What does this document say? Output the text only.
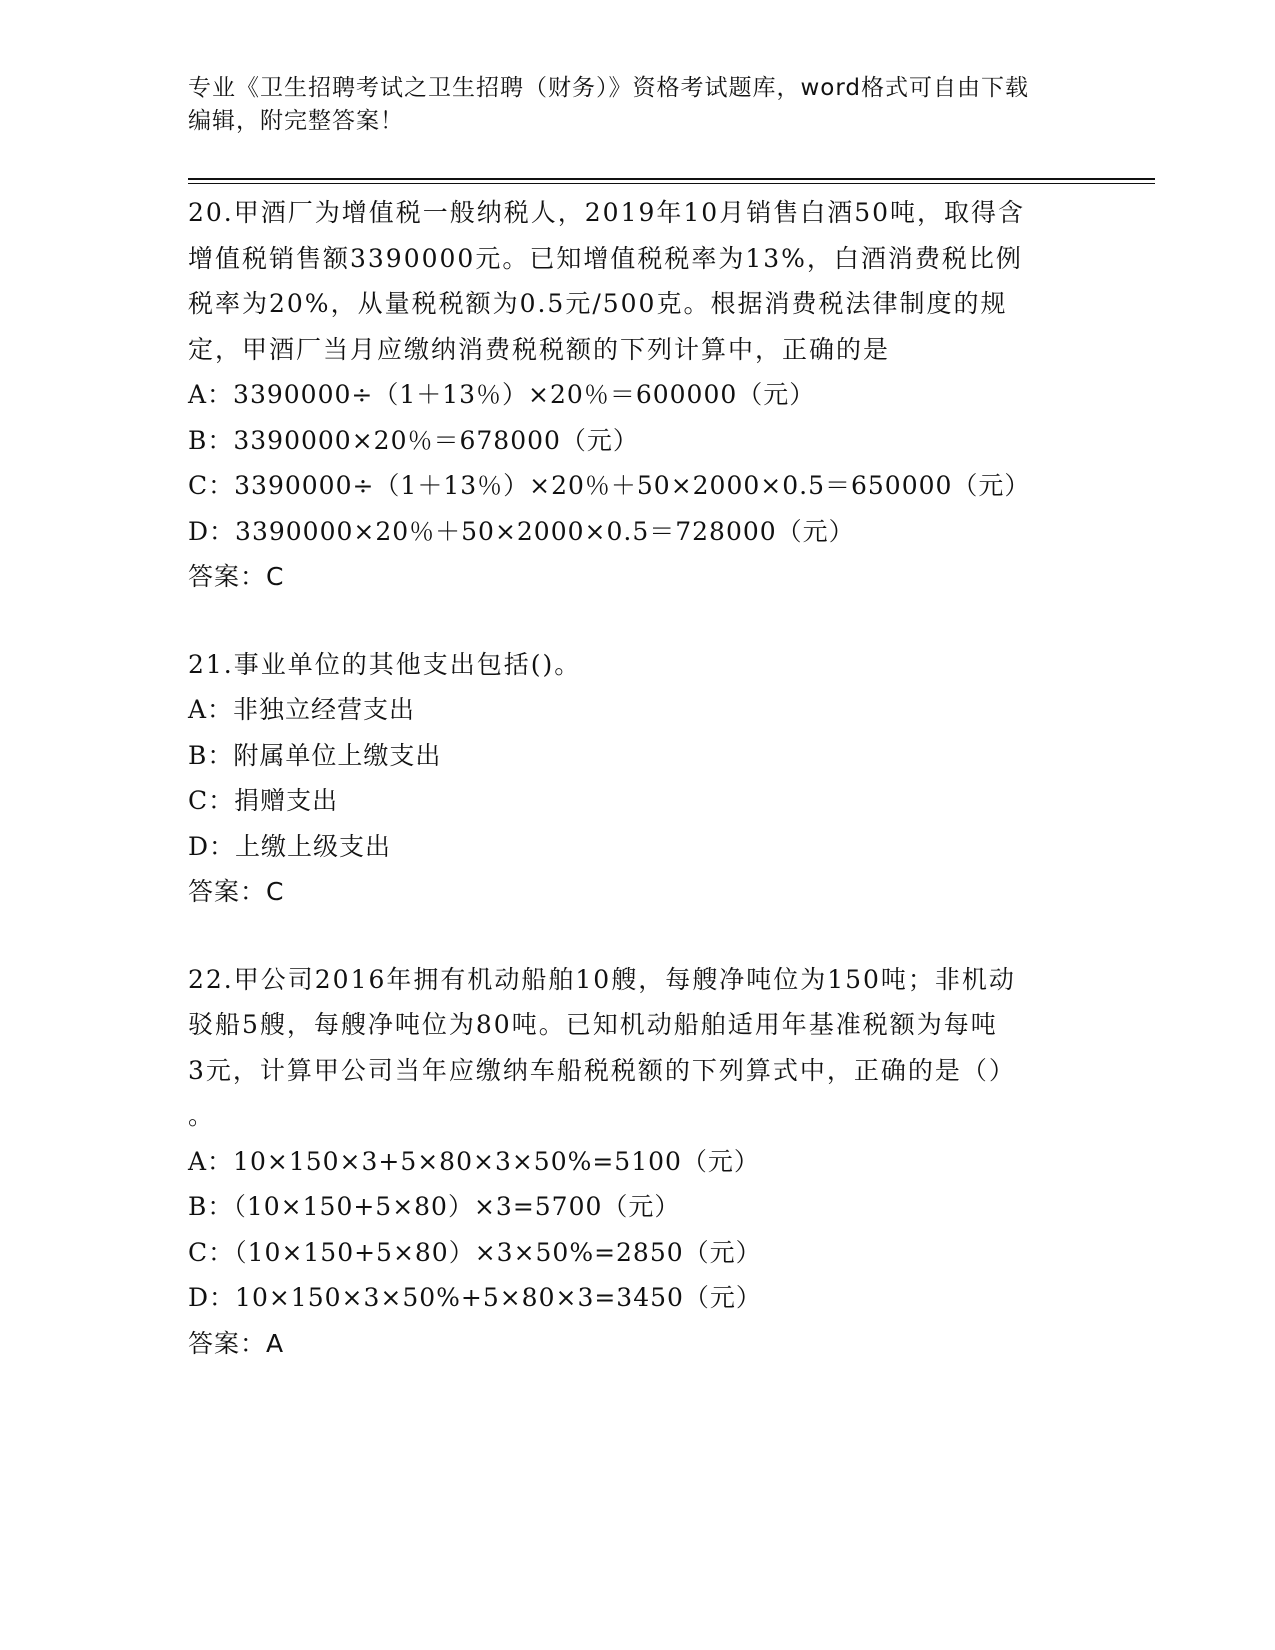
专业《卫生招聘考试之卫生招聘（财务）》资格考试题库，word格式可自由下载
编辑，附完整答案！

20.甲酒厂为增值税一般纳税人，2019年10月销售白酒50吨，取得含

增值税销售额3390000元。已知增值税税率为13%，白酒消费税比例

税率为20%，从量税税额为0.5元/500克。根据消费税法律制度的规

定，甲酒厂当月应缴纳消费税税额的下列计算中，正确的是

A：3390000÷（1＋13％）×20％＝600000（元）

B：3390000×20％＝678000（元）

C：3390000÷（1＋13％）×20％＋50×2000×0.5＝650000（元）

D：3390000×20％＋50×2000×0.5＝728000（元）

答案：C

21.事业单位的其他支出包括()。

A：非独立经营支出

B：附属单位上缴支出

C：捐赠支出

D：上缴上级支出

答案：C

22.甲公司2016年拥有机动船舶10艘，每艘净吨位为150吨；非机动

驳船5艘，每艘净吨位为80吨。已知机动船舶适用年基准税额为每吨

3元，计算甲公司当年应缴纳车船税税额的下列算式中，正确的是（）

。

A：10×150×3+5×80×3×50%=5100（元）

B：（10×150+5×80）×3=5700（元）

C：（10×150+5×80）×3×50%=2850（元）

D：10×150×3×50%+5×80×3=3450（元）

答案：A
